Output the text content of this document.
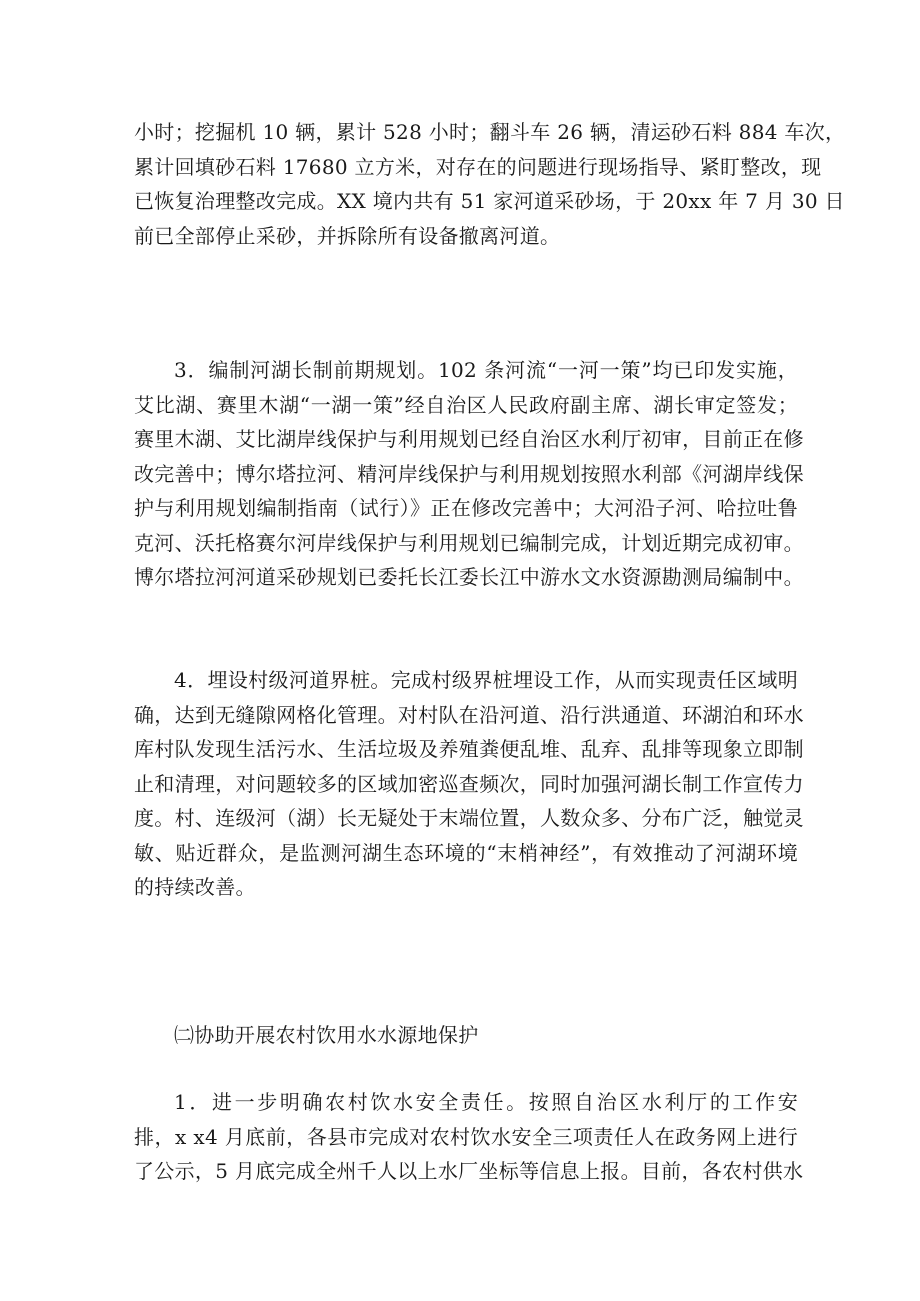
小时；挖掘机 10 辆，累计 528 小时；翻斗车 26 辆，清运砂石料 884 车次，
累计回填砂石料 17680 立方米，对存在的问题进行现场指导、紧盯整改，现
已恢复治理整改完成。XX 境内共有 51 家河道采砂场，于 20xx 年 7 月 30 日
前已全部停止采砂，并拆除所有设备撤离河道。
3．编制河湖长制前期规划。102 条河流“一河一策”均已印发实施，
艾比湖、赛里木湖“一湖一策”经自治区人民政府副主席、湖长审定签发；
赛里木湖、艾比湖岸线保护与利用规划已经自治区水利厅初审，目前正在修
改完善中；博尔塔拉河、精河岸线保护与利用规划按照水利部《河湖岸线保
护与利用规划编制指南（试行）》正在修改完善中；大河沿子河、哈拉吐鲁
克河、沃托格赛尔河岸线保护与利用规划已编制完成，计划近期完成初审。
博尔塔拉河河道采砂规划已委托长江委长江中游水文水资源勘测局编制中。
4．埋设村级河道界桩。完成村级界桩埋设工作，从而实现责任区域明
确，达到无缝隙网格化管理。对村队在沿河道、沿行洪通道、环湖泊和环水
库村队发现生活污水、生活垃圾及养殖粪便乱堆、乱弃、乱排等现象立即制
止和清理，对问题较多的区域加密巡查频次，同时加强河湖长制工作宣传力
度。村、连级河（湖）长无疑处于末端位置，人数众多、分布广泛，触觉灵
敏、贴近群众，是监测河湖生态环境的“末梢神经”，有效推动了河湖环境
的持续改善。
㈡协助开展农村饮用水水源地保护
1．进一步明确农村饮水安全责任。按照自治区水利厅的工作安
排，x x4 月底前，各县市完成对农村饮水安全三项责任人在政务网上进行
了公示，5 月底完成全州千人以上水厂坐标等信息上报。目前，各农村供水
